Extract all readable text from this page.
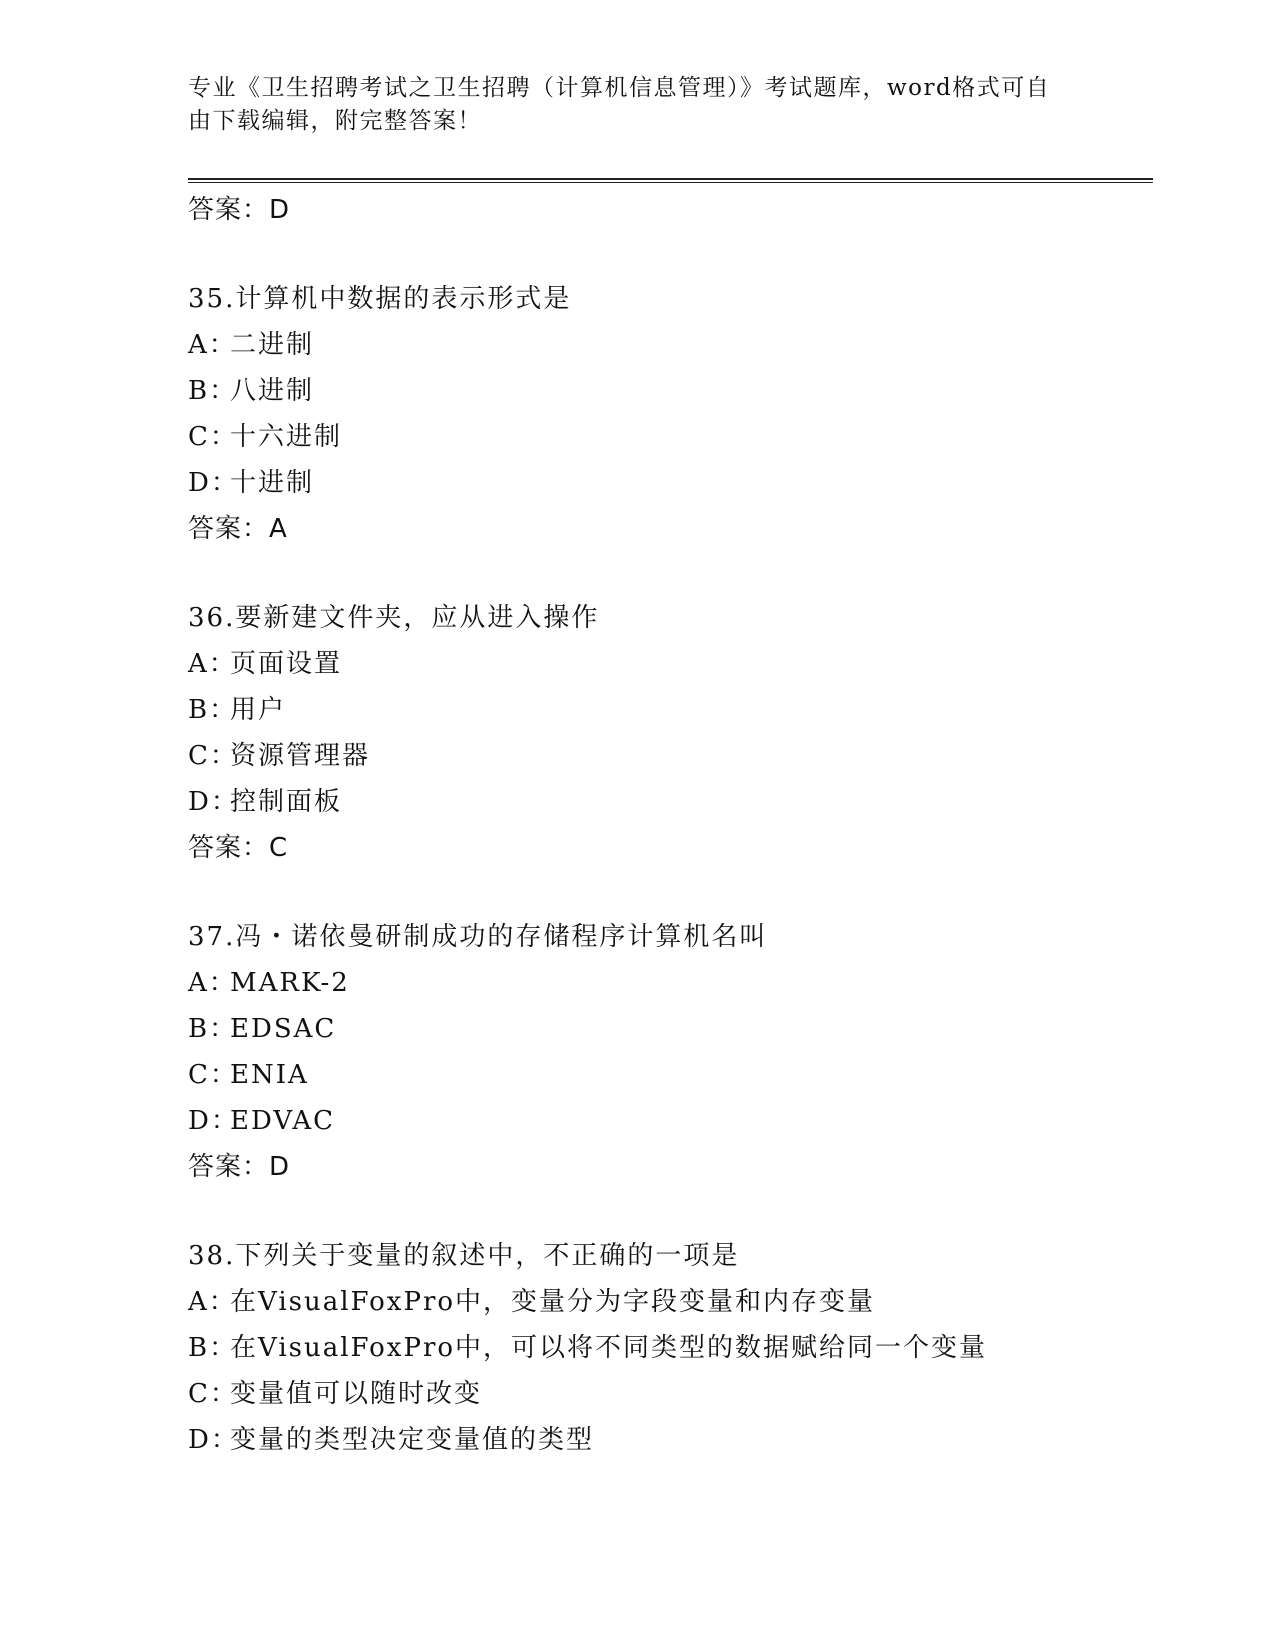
专业《卫生招聘考试之卫生招聘（计算机信息管理）》考试题库，word格式可自
由下载编辑，附完整答案！
答案：D
35.计算机中数据的表示形式是
A：二进制
B：八进制
C：十六进制
D：十进制
答案：A
36.要新建文件夹，应从进入操作
A：页面设置
B：用户
C：资源管理器
D：控制面板
答案：C
37.冯・诺依曼研制成功的存储程序计算机名叫
A：MARK-2
B：EDSAC
C：ENIA
D：EDVAC
答案：D
38.下列关于变量的叙述中，不正确的一项是
A：在VisualFoxPro中，变量分为字段变量和内存变量
B：在VisualFoxPro中，可以将不同类型的数据赋给同一个变量
C：变量值可以随时改变
D：变量的类型决定变量值的类型
